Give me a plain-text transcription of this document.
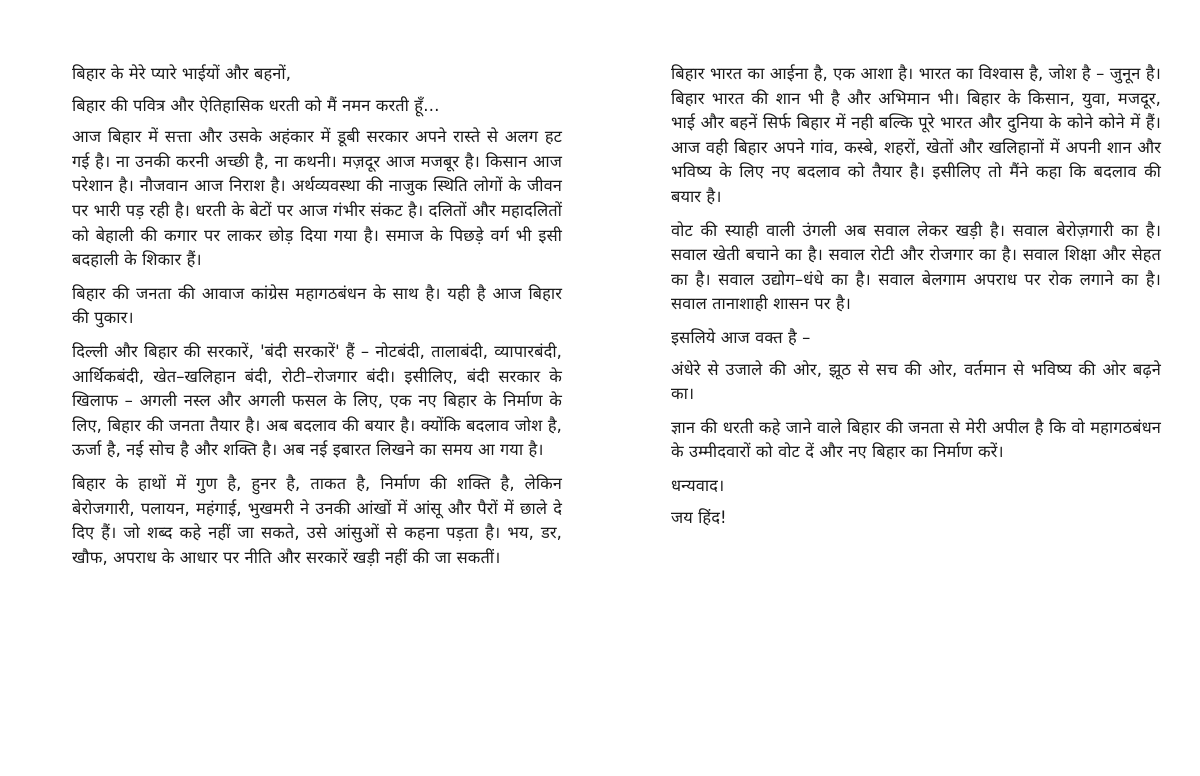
बिहार के मेरे प्यारे भाईयों और बहनों,

बिहार की पवित्र और ऐतिहासिक धरती को मैं नमन करती हूँ…

आज बिहार में सत्ता और उसके अहंकार में डूबी सरकार अपने रास्ते से अलग हट गई है। ना उनकी करनी अच्छी है, ना कथनी। मज़दूर आज मजबूर है। किसान आज परेशान है। नौजवान आज निराश है। अर्थव्यवस्था की नाजुक स्थिति लोगों के जीवन पर भारी पड़ रही है। धरती के बेटों पर आज गंभीर संकट है। दलितों और महादलितों को बेहाली की कगार पर लाकर छोड़ दिया गया है। समाज के पिछड़े वर्ग भी इसी बदहाली के शिकार हैं।

बिहार की जनता की आवाज कांग्रेस महागठबंधन के साथ है। यही है आज बिहार की पुकार।

दिल्ली और बिहार की सरकारें, 'बंदी सरकारें' हैं – नोटबंदी, तालाबंदी, व्यापारबंदी, आर्थिकबंदी, खेत–खलिहान बंदी, रोटी–रोजगार बंदी। इसीलिए, बंदी सरकार के खिलाफ – अगली नस्ल और अगली फसल के लिए, एक नए बिहार के निर्माण के लिए, बिहार की जनता तैयार है। अब बदलाव की बयार है। क्योंकि बदलाव जोश है, ऊर्जा है, नई सोच है और शक्ति है। अब नई इबारत लिखने का समय आ गया है।

बिहार के हाथों में गुण है, हुनर है, ताकत है, निर्माण की शक्ति है, लेकिन बेरोजगारी, पलायन, महंगाई, भुखमरी ने उनकी आंखों में आंसू और पैरों में छाले दे दिए हैं। जो शब्द कहे नहीं जा सकते, उसे आंसुओं से कहना पड़ता है। भय, डर, खौफ, अपराध के आधार पर नीति और सरकारें खड़ी नहीं की जा सकतीं।

बिहार भारत का आईना है, एक आशा है। भारत का विश्वास है, जोश है – जुनून है। बिहार भारत की शान भी है और अभिमान भी। बिहार के किसान, युवा, मजदूर, भाई और बहनें सिर्फ बिहार में नही बल्कि पूरे भारत और दुनिया के कोने कोने में हैं। आज वही बिहार अपने गांव, कस्बे, शहरों, खेतों और खलिहानों में अपनी शान और भविष्य के लिए नए बदलाव को तैयार है। इसीलिए तो मैंने कहा कि बदलाव की बयार है।

वोट की स्याही वाली उंगली अब सवाल लेकर खड़ी है। सवाल बेरोज़गारी का है। सवाल खेती बचाने का है। सवाल रोटी और रोजगार का है। सवाल शिक्षा और सेहत का है। सवाल उद्योग–धंधे का है। सवाल बेलगाम अपराध पर रोक लगाने का है। सवाल तानाशाही शासन पर है।

इसलिये आज वक्त है –

अंधेरे से उजाले की ओर, झूठ से सच की ओर, वर्तमान से भविष्य की ओर बढ़ने का।

ज्ञान की धरती कहे जाने वाले बिहार की जनता से मेरी अपील है कि वो महागठबंधन के उम्मीदवारों को वोट दें और नए बिहार का निर्माण करें।

धन्यवाद।

जय हिंद!
